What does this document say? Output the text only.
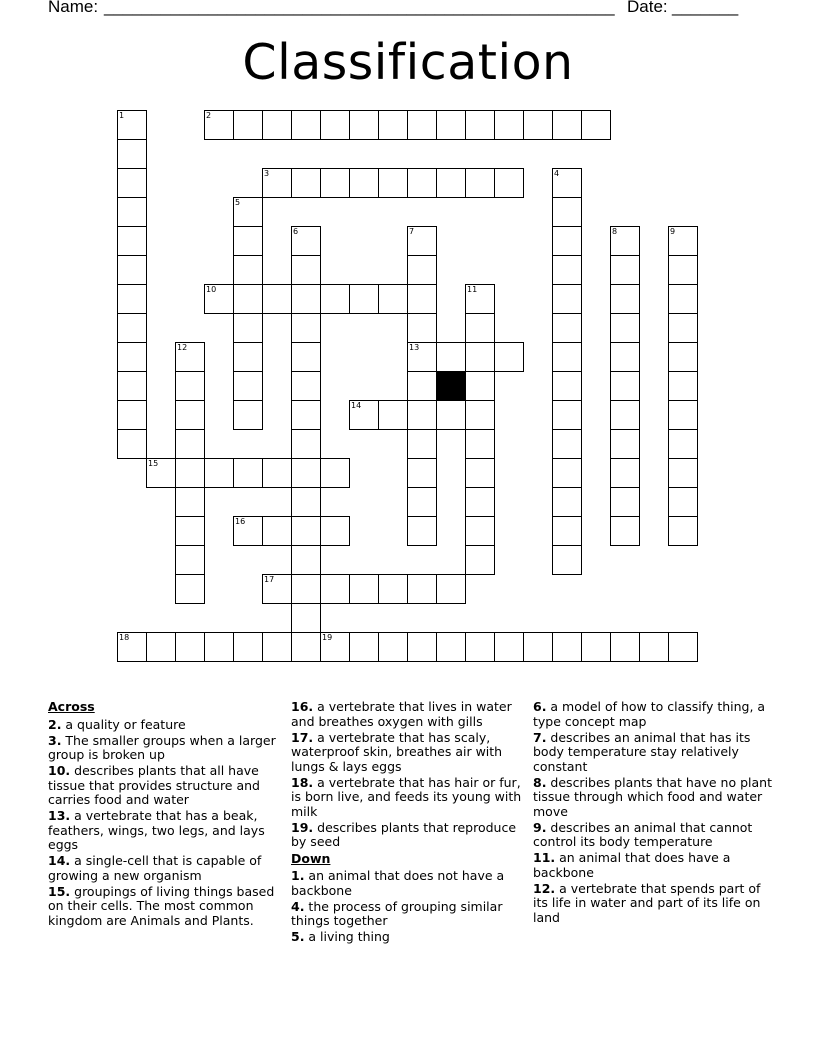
Name: ______________________________________________________ Date: _______
Classification
1	2
3	4
5
6	7
13
8	9
10	11
12
14
15
16
17
18	19
Across
2. a quality or feature
3. The smaller groups when a larger group is broken up
10. describes plants that all have tissue that provides structure and carries food and water
13. a vertebrate that has a beak, feathers, wings, two legs, and lays eggs
14. a single-cell that is capable of growing a new organism
15. groupings of living things based on their cells. The most common kingdom are Animals and Plants.
16. a vertebrate that lives in water and breathes oxygen with gills
17. a vertebrate that has scaly, waterproof skin, breathes air with lungs & lays eggs
18. a vertebrate that has hair or fur, is born live, and feeds its young with milk
19. describes plants that reproduce by seed
Down
1. an animal that does not have a backbone
4. the process of grouping similar things together
5. a living thing
6. a model of how to classify thing, a type concept map
7. describes an animal that has its body temperature stay relatively constant
8. describes plants that have no plant tissue through which food and water move
9. describes an animal that cannot control its body temperature
11. an animal that does have a backbone
12. a vertebrate that spends part of its life in water and part of its life on land
